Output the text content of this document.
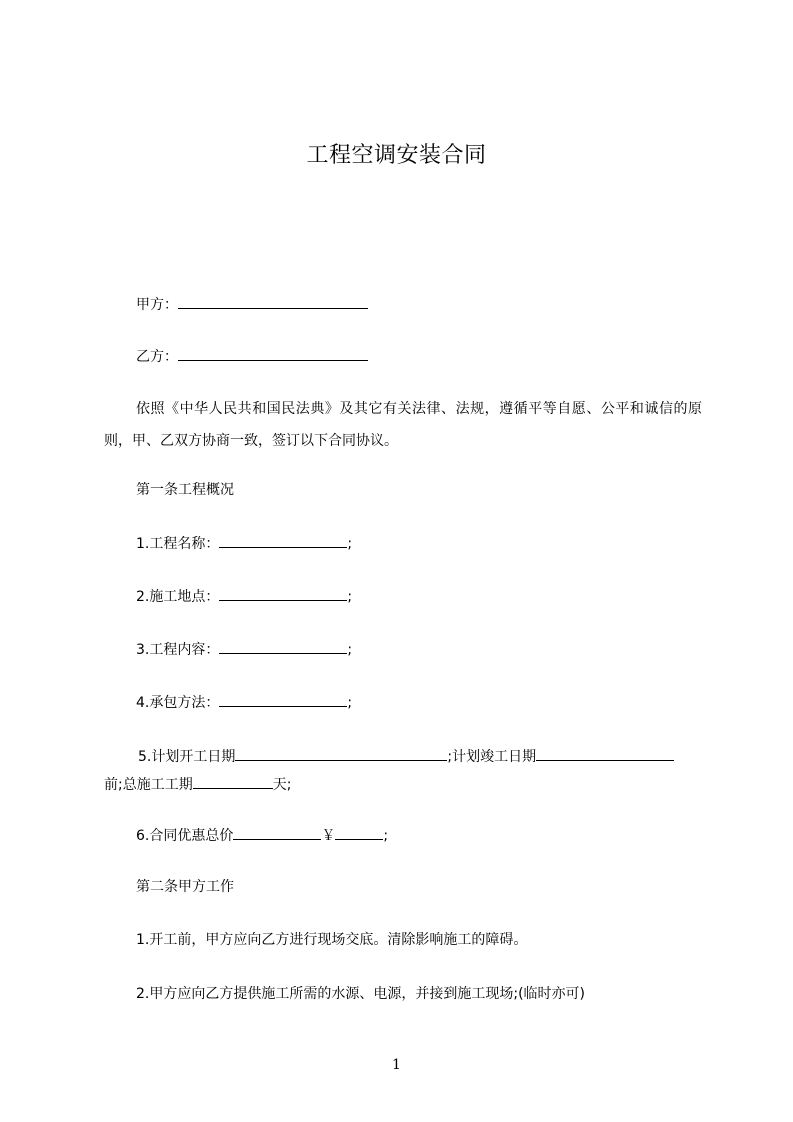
工程空调安装合同
甲方：
乙方：
依照《中华人民共和国民法典》及其它有关法律、法规，遵循平等自愿、公平和诚信的原则，甲、乙双方协商一致，签订以下合同协议。
第一条工程概况
1.工程名称：	;
2.施工地点：	;
3.工程内容：	;
4.承包方法：	;
5.计划开工日期	;计划竣工日期
前;总施工工期	天;
6.合同优惠总价	￥	;
第二条甲方工作
1.开工前，甲方应向乙方进行现场交底。清除影响施工的障碍。
2.甲方应向乙方提供施工所需的水源、电源，并接到施工现场;(临时亦可)
1
